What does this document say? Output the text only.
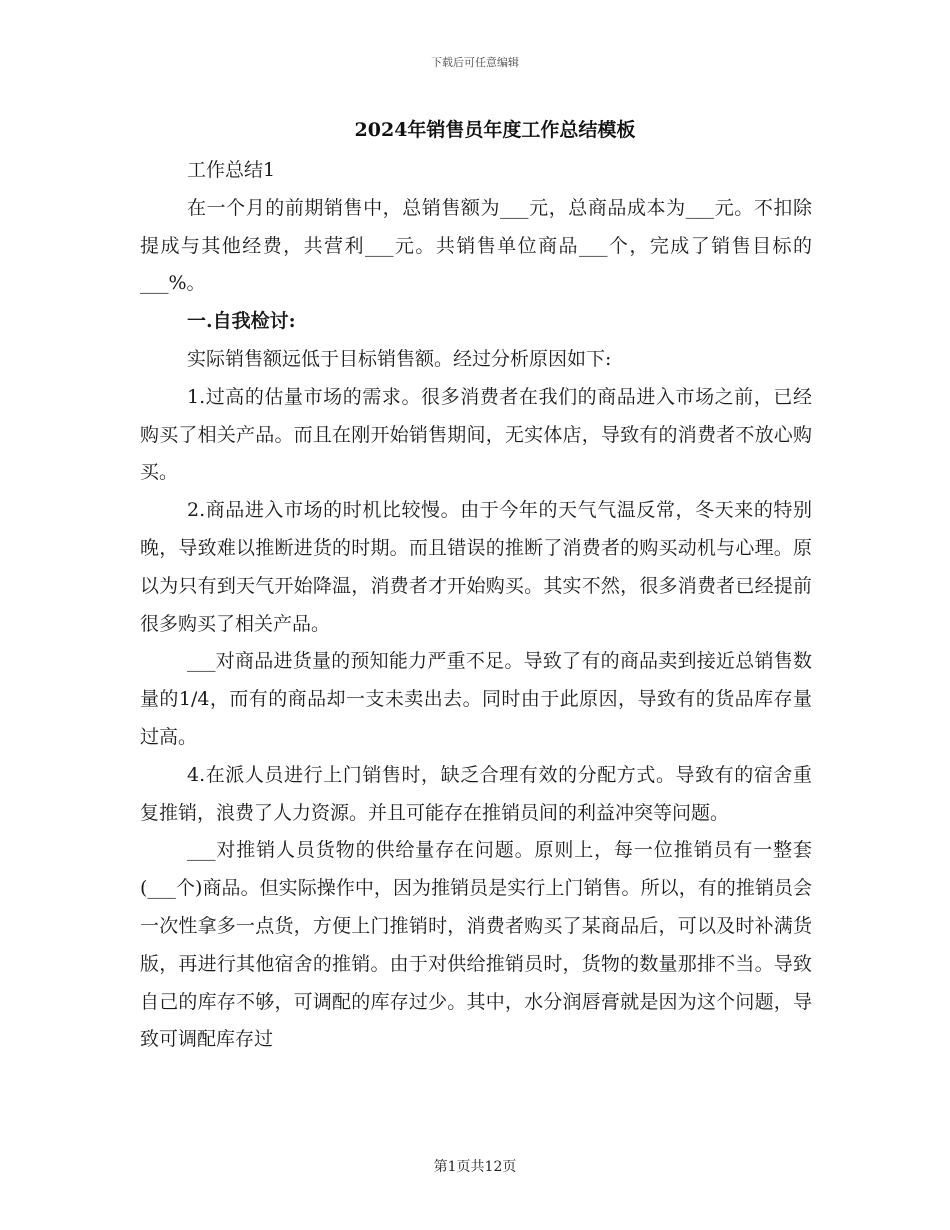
下载后可任意编辑
2024年销售员年度工作总结模板

工作总结1

在一个月的前期销售中，总销售额为___元，总商品成本为___元。不扣除提成与其他经费，共营利___元。共销售单位商品___个，完成了销售目标的___%。

一.自我检讨:

实际销售额远低于目标销售额。经过分析原因如下:

1.过高的估量市场的需求。很多消费者在我们的商品进入市场之前，已经购买了相关产品。而且在刚开始销售期间，无实体店，导致有的消费者不放心购买。

2.商品进入市场的时机比较慢。由于今年的天气气温反常，冬天来的特别晚，导致难以推断进货的时期。而且错误的推断了消费者的购买动机与心理。原以为只有到天气开始降温，消费者才开始购买。其实不然，很多消费者已经提前很多购买了相关产品。

___对商品进货量的预知能力严重不足。导致了有的商品卖到接近总销售数量的1/4，而有的商品却一支未卖出去。同时由于此原因，导致有的货品库存量过高。

4.在派人员进行上门销售时，缺乏合理有效的分配方式。导致有的宿舍重复推销，浪费了人力资源。并且可能存在推销员间的利益冲突等问题。

___对推销人员货物的供给量存在问题。原则上，每一位推销员有一整套(___个)商品。但实际操作中，因为推销员是实行上门销售。所以，有的推销员会一次性拿多一点货，方便上门推销时，消费者购买了某商品后，可以及时补满货版，再进行其他宿舍的推销。由于对供给推销员时，货物的数量那排不当。导致自己的库存不够，可调配的库存过少。其中，水分润唇膏就是因为这个问题，导致可调配库存过

第1页共12页
